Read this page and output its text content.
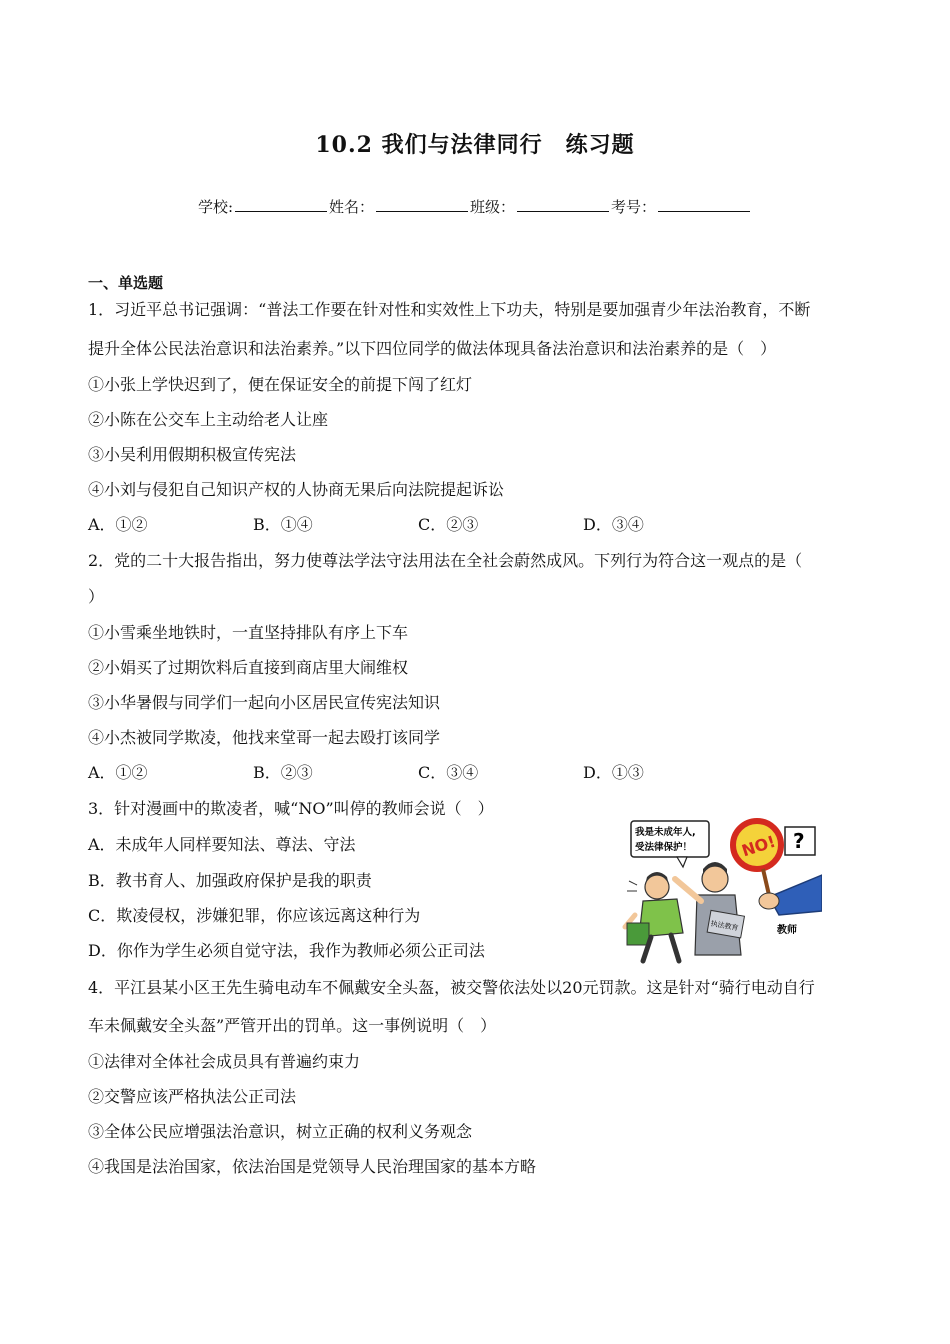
10.2 我们与法律同行　练习题
学校:	姓名：	班级：	考号：
一、单选题
1．习近平总书记强调：“普法工作要在针对性和实效性上下功夫，特别是要加强青少年法治教育，不断
提升全体公民法治意识和法治素养。”以下四位同学的做法体现具备法治意识和法治素养的是（　）
①小张上学快迟到了，便在保证安全的前提下闯了红灯
②小陈在公交车上主动给老人让座
③小吴利用假期积极宣传宪法
④小刘与侵犯自己知识产权的人协商无果后向法院提起诉讼
A．①②	B．①④	C．②③	D．③④
2．党的二十大报告指出，努力使尊法学法守法用法在全社会蔚然成风。下列行为符合这一观点的是（
）
①小雪乘坐地铁时，一直坚持排队有序上下车
②小娟买了过期饮料后直接到商店里大闹维权
③小华暑假与同学们一起向小区居民宣传宪法知识
④小杰被同学欺凌，他找来堂哥一起去殴打该同学
A．①②	B．②③	C．③④	D．①③
3．针对漫画中的欺凌者，喊“NO”叫停的教师会说（　）
A．未成年人同样要知法、尊法、守法
B．教书育人、加强政府保护是我的职责
C．欺凌侵权，涉嫌犯罪，你应该远离这种行为
D．你作为学生必须自觉守法，我作为教师必须公正司法
我是未成年人,
受法律保护！	?
NO!
教师
执法教育
4．平江县某小区王先生骑电动车不佩戴安全头盔，被交警依法处以20元罚款。这是针对“骑行电动自行
车未佩戴安全头盔”严管开出的罚单。这一事例说明（　）
①法律对全体社会成员具有普遍约束力
②交警应该严格执法公正司法
③全体公民应增强法治意识，树立正确的权利义务观念
④我国是法治国家，依法治国是党领导人民治理国家的基本方略
